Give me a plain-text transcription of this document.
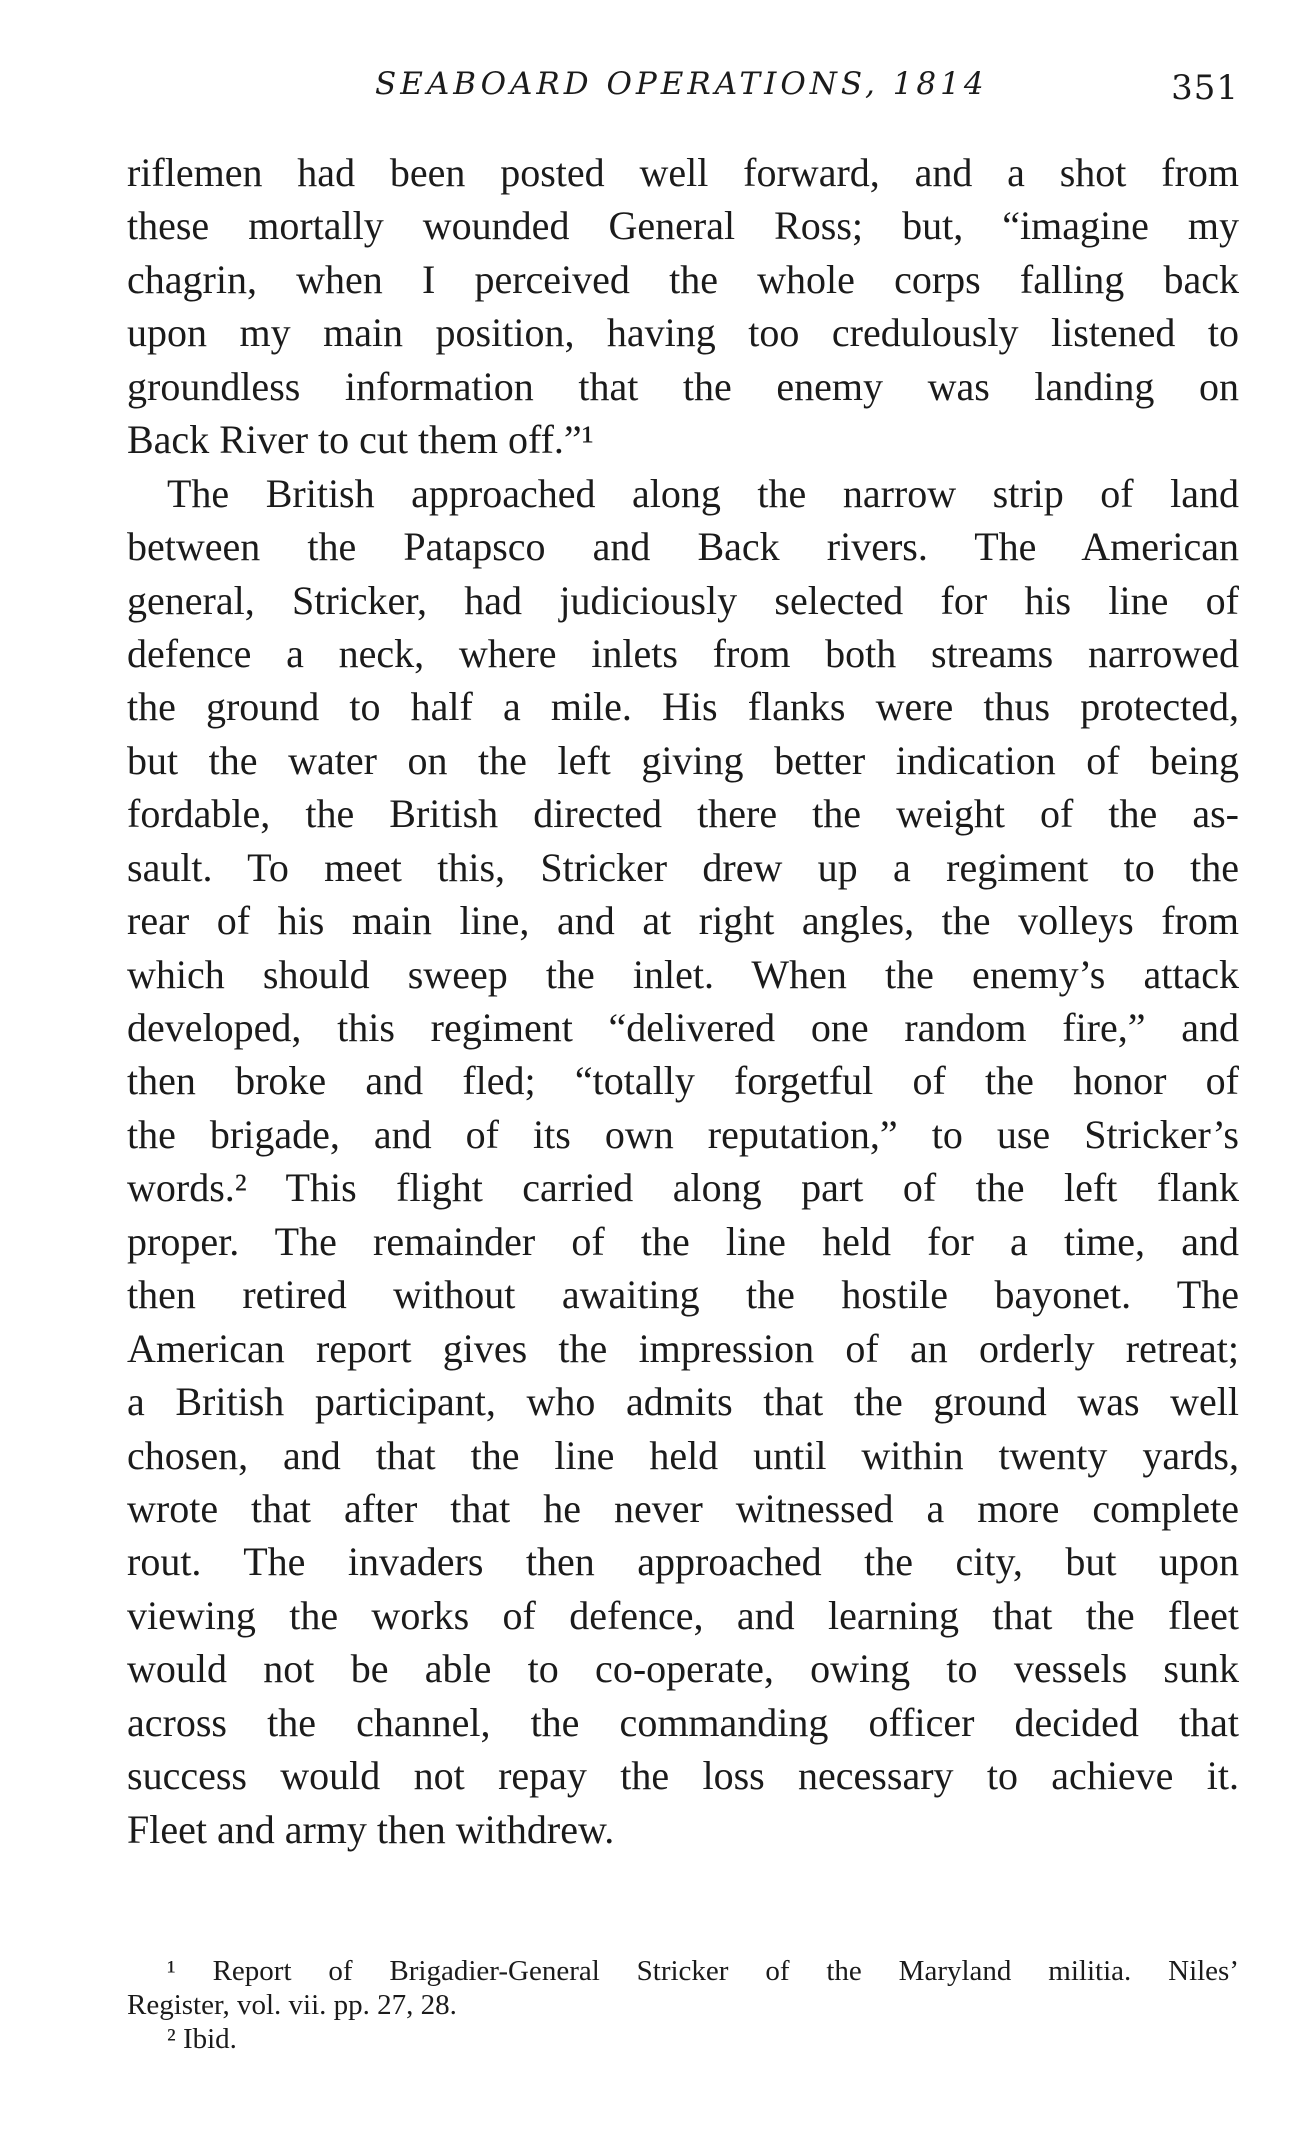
SEABOARD OPERATIONS, 1814	351
riflemen had been posted well forward, and a shot from
these mortally wounded General Ross; but, “imagine my
chagrin, when I perceived the whole corps falling back
upon my main position, having too credulously listened to
groundless information that the enemy was landing on
Back River to cut them off.”¹
The British approached along the narrow strip of land
between the Patapsco and Back rivers. The American
general, Stricker, had judiciously selected for his line of
defence a neck, where inlets from both streams narrowed
the ground to half a mile. His flanks were thus protected,
but the water on the left giving better indication of being
fordable, the British directed there the weight of the as-
sault. To meet this, Stricker drew up a regiment to the
rear of his main line, and at right angles, the volleys from
which should sweep the inlet. When the enemy’s attack
developed, this regiment “delivered one random fire,” and
then broke and fled; “totally forgetful of the honor of
the brigade, and of its own reputation,” to use Stricker’s
words.² This flight carried along part of the left flank
proper. The remainder of the line held for a time, and
then retired without awaiting the hostile bayonet. The
American report gives the impression of an orderly retreat;
a British participant, who admits that the ground was well
chosen, and that the line held until within twenty yards,
wrote that after that he never witnessed a more complete
rout. The invaders then approached the city, but upon
viewing the works of defence, and learning that the fleet
would not be able to co-operate, owing to vessels sunk
across the channel, the commanding officer decided that
success would not repay the loss necessary to achieve it.
Fleet and army then withdrew.
¹ Report of Brigadier-General Stricker of the Maryland militia. Niles’
Register, vol. vii. pp. 27, 28.
² Ibid.
